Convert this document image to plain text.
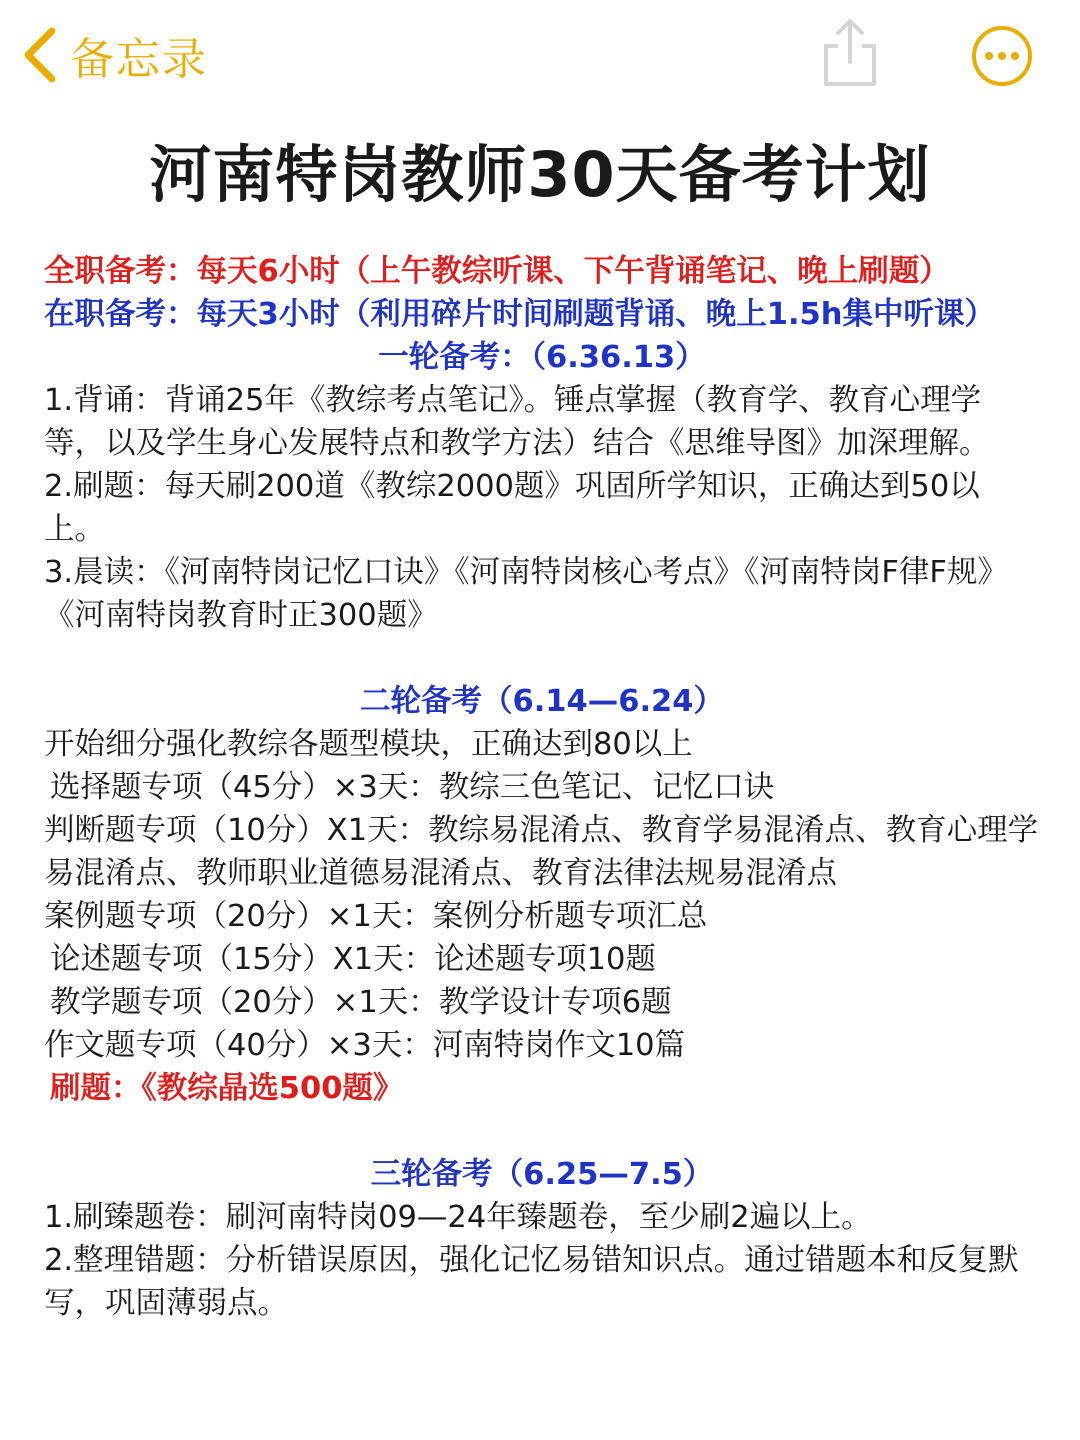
备忘录
河南特岗教师30天备考计划
全职备考：每天6小时（上午教综听课、下午背诵笔记、晚上刷题）
在职备考：每天3小时（利用碎片时间刷题背诵、晚上1.5h集中听课）
一轮备考：（6.36.13）
1.背诵：背诵25年《教综考点笔记》。锤点掌握（教育学、教育心理学等，以及学生身心发展特点和教学方法）结合《思维导图》加深理解。
2.刷题：每天刷200道《教综2000题》巩固所学知识，正确达到50以上。
3.晨读：《河南特岗记忆口诀》《河南特岗核心考点》《河南特岗F律F规》《河南特岗教育时正300题》
二轮备考（6.14—6.24）
开始细分强化教综各题型模块，正确达到80以上
选择题专项（45分）×3天：教综三色笔记、记忆口诀
判断题专项（10分）X1天：教综易混淆点、教育学易混淆点、教育心理学易混淆点、教师职业道德易混淆点、教育法律法规易混淆点
案例题专项（20分）×1天：案例分析题专项汇总
论述题专项（15分）X1天：论述题专项10题
教学题专项（20分）×1天：教学设计专项6题
作文题专项（40分）×3天：河南特岗作文10篇
刷题：《教综晶选500题》
三轮备考（6.25—7.5）
1.刷臻题卷：刷河南特岗09—24年臻题卷，至少刷2遍以上。
2.整理错题：分析错误原因，强化记忆易错知识点。通过错题本和反复默写，巩固薄弱点。
